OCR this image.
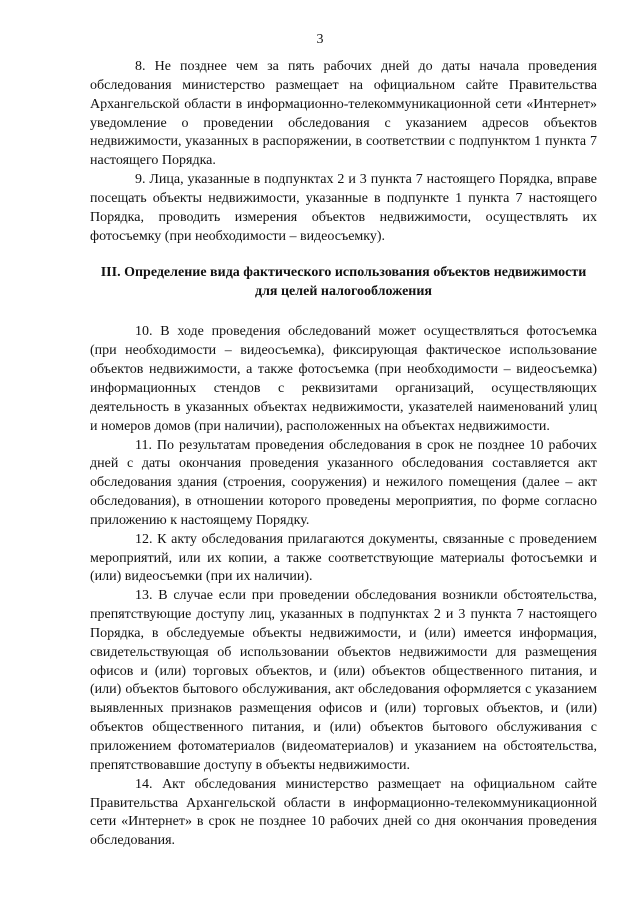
3

8. Не позднее чем за пять рабочих дней до даты начала проведения обследования министерство размещает на официальном сайте Правительства Архангельской области в информационно-телекоммуникационной сети «Интернет» уведомление о проведении обследования с указанием адресов объектов недвижимости, указанных в распоряжении, в соответствии с подпунктом 1 пункта 7 настоящего Порядка.

9. Лица, указанные в подпунктах 2 и 3 пункта 7 настоящего Порядка, вправе посещать объекты недвижимости, указанные в подпункте 1 пункта 7 настоящего Порядка, проводить измерения объектов недвижимости, осуществлять их фотосъемку (при необходимости – видеосъемку).

III. Определение вида фактического использования объектов недвижимости для целей налогообложения

10. В ходе проведения обследований может осуществляться фотосъемка (при необходимости – видеосъемка), фиксирующая фактическое использование объектов недвижимости, а также фотосъемка (при необходимости – видеосъемка) информационных стендов с реквизитами организаций, осуществляющих деятельность в указанных объектах недвижимости, указателей наименований улиц и номеров домов (при наличии), расположенных на объектах недвижимости.

11. По результатам проведения обследования в срок не позднее 10 рабочих дней с даты окончания проведения указанного обследования составляется акт обследования здания (строения, сооружения) и нежилого помещения (далее – акт обследования), в отношении которого проведены мероприятия, по форме согласно приложению к настоящему Порядку.

12. К акту обследования прилагаются документы, связанные с проведением мероприятий, или их копии, а также соответствующие материалы фотосъемки и (или) видеосъемки (при их наличии).

13. В случае если при проведении обследования возникли обстоятельства, препятствующие доступу лиц, указанных в подпунктах 2 и 3 пункта 7 настоящего Порядка, в обследуемые объекты недвижимости, и (или) имеется информация, свидетельствующая об использовании объектов недвижимости для размещения офисов и (или) торговых объектов, и (или) объектов общественного питания, и (или) объектов бытового обслуживания, акт обследования оформляется с указанием выявленных признаков размещения офисов и (или) торговых объектов, и (или) объектов общественного питания, и (или) объектов бытового обслуживания с приложением фотоматериалов (видеоматериалов) и указанием на обстоятельства, препятствовавшие доступу в объекты недвижимости.

14. Акт обследования министерство размещает на официальном сайте Правительства Архангельской области в информационно-телекоммуникационной сети «Интернет» в срок не позднее 10 рабочих дней со дня окончания проведения обследования.
